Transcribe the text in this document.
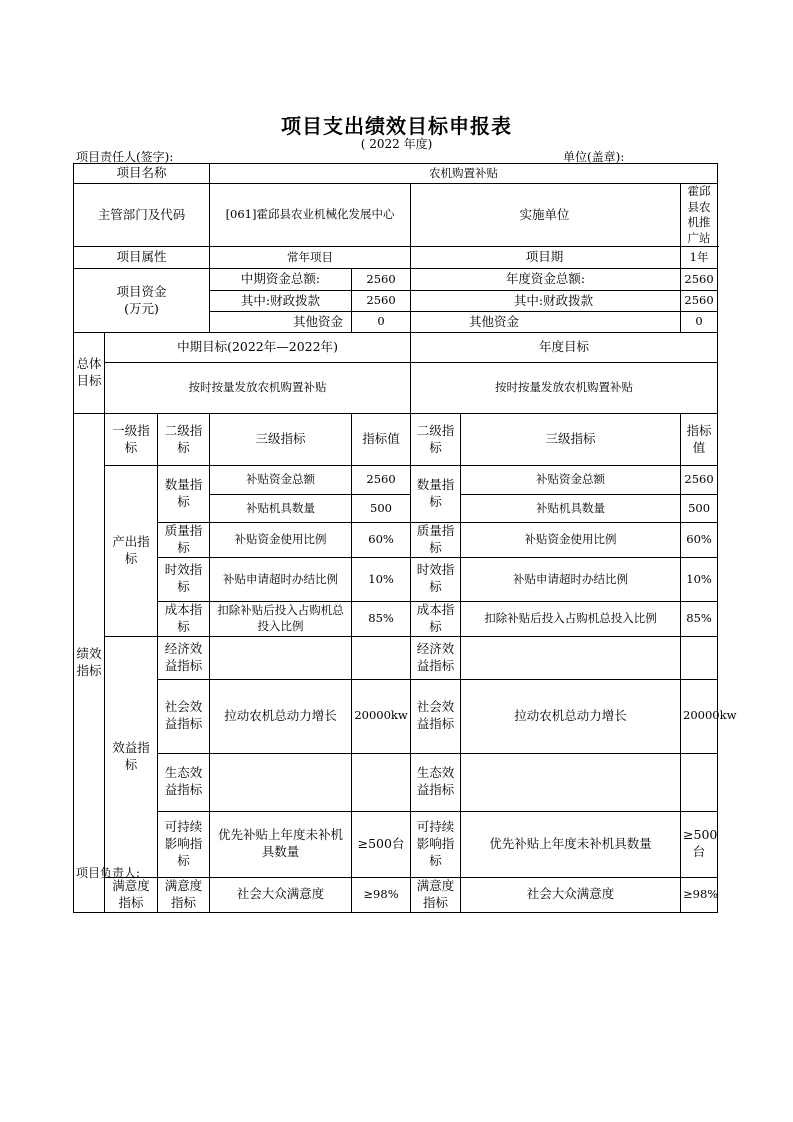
项目支出绩效目标申报表
( 2022 年度)
项目责任人(签字):	单位(盖章):
项目名称			农机购置补贴				
主管部门及代码			[061]霍邱县农业机械化发展中心		实施单位		霍邱县农机推广站
项目属性			常年项目		项目期		1年

项目资金
(万元)			中期资金总额:	2560	年度资金总额:		2560
			其中:财政拨款	2560	其中:财政拨款		2560
			其他资金	0	其他资金		0
总体目标	中期目标(2022年—2022年)				年度目标		
	按时按量发放农机购置补贴				按时按量发放农机购置补贴		
绩效指标	一级指标	二级指标	三级指标	指标值	二级指标	三级指标	指标值
	产出指标	数量指标	补贴资金总额	2560	数量指标	补贴资金总额	2560
			补贴机具数量	500		补贴机具数量	500
		质量指标	补贴资金使用比例	60%	质量指标	补贴资金使用比例	60%
		时效指标	补贴申请超时办结比例	10%	时效指标	补贴申请超时办结比例	10%
		成本指标	扣除补贴后投入占购机总投入比例	85%	成本指标	扣除补贴后投入占购机总投入比例	85%
	效益指标	经济效益指标			经济效益指标		
		社会效益指标	拉动农机总动力增长	20000kw	社会效益指标	拉动农机总动力增长	20000kw
		生态效益指标			生态效益指标		
		可持续影响指标	优先补贴上年度未补机具数量	≥500台	可持续影响指标	优先补贴上年度未补机具数量	≥500台
	满意度指标	满意度指标	社会大众满意度	≥98%	满意度指标	社会大众满意度	≥98%
项目负责人:
